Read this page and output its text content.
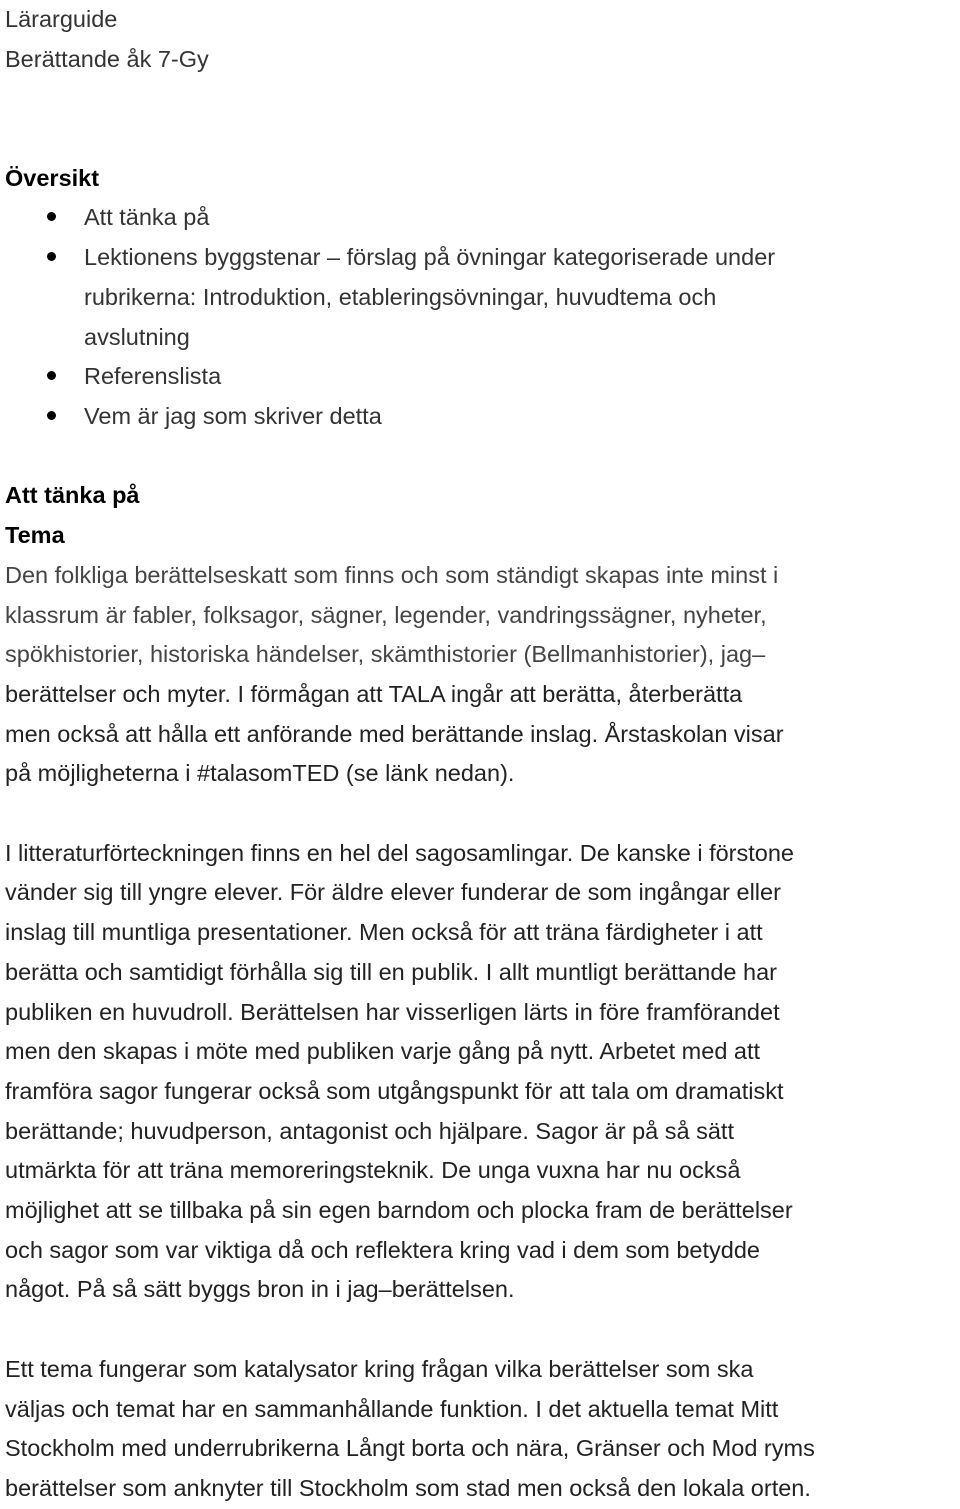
Lärarguide

Berättande åk 7-Gy

Översikt

Att tänka på

Lektionens byggstenar – förslag på övningar kategoriserade under

rubrikerna: Introduktion, etableringsövningar, huvudtema och

avslutning

Referenslista

Vem är jag som skriver detta

Att tänka på
Tema

Den folkliga berättelseskatt som finns och som ständigt skapas inte minst i

klassrum är fabler, folksagor, sägner, legender, vandringssägner, nyheter,

spökhistorier, historiska händelser, skämthistorier (Bellmanhistorier), jag–

berättelser och myter. I förmågan att TALA ingår att berätta, återberätta

men också att hålla ett anförande med berättande inslag. Årstaskolan visar

på möjligheterna i #talasomTED (se länk nedan).

I litteraturförteckningen finns en hel del sagosamlingar. De kanske i förstone

vänder sig till yngre elever. För äldre elever funderar de som ingångar eller

inslag till muntliga presentationer. Men också för att träna färdigheter i att

berätta och samtidigt förhålla sig till en publik. I allt muntligt berättande har

publiken en huvudroll. Berättelsen har visserligen lärts in före framförandet

men den skapas i möte med publiken varje gång på nytt. Arbetet med att

framföra sagor fungerar också som utgångspunkt för att tala om dramatiskt

berättande; huvudperson, antagonist och hjälpare. Sagor är på så sätt

utmärkta för att träna memoreringsteknik. De unga vuxna har nu också

möjlighet att se tillbaka på sin egen barndom och plocka fram de berättelser

och sagor som var viktiga då och reflektera kring vad i dem som betydde

något. På så sätt byggs bron in i jag–berättelsen.

Ett tema fungerar som katalysator kring frågan vilka berättelser som ska

väljas och temat har en sammanhållande funktion. I det aktuella temat Mitt

Stockholm med underrubrikerna Långt borta och nära, Gränser och Mod ryms

berättelser som anknyter till Stockholm som stad men också den lokala orten.
